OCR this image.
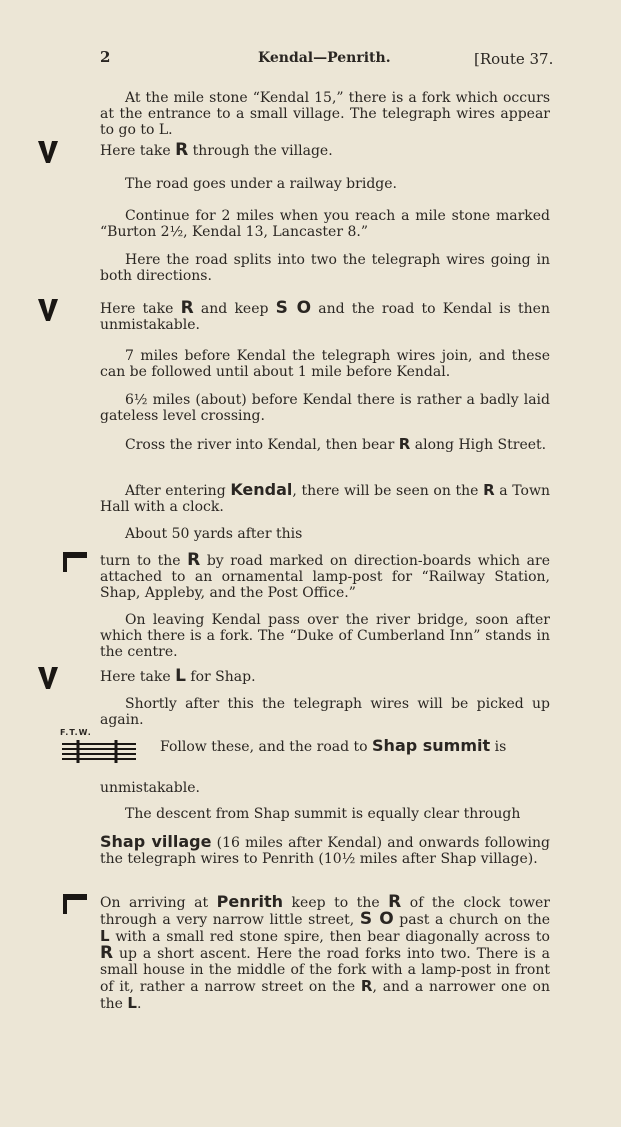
2	Kendal—Penrith.	[Route 37.

At the mile stone “Kendal 15,” there is a fork which occurs at the entrance to a small village. The telegraph wires appear to go to L.

Here take R through the village.

The road goes under a railway bridge.

Continue for 2 miles when you reach a mile stone marked “Burton 2½, Kendal 13, Lancaster 8.”

Here the road splits into two the telegraph wires going in both directions.

Here take R and keep S O and the road to Kendal is then unmistakable.

7 miles before Kendal the telegraph wires join, and these can be followed until about 1 mile before Kendal.

6½ miles (about) before Kendal there is rather a badly laid gateless level crossing.

Cross the river into Kendal, then bear R along High Street.

After entering Kendal, there will be seen on the R a Town Hall with a clock.

About 50 yards after this

turn to the R by road marked on direction-boards which are attached to an ornamental lamp-post for “Railway Station, Shap, Appleby, and the Post Office.”

On leaving Kendal pass over the river bridge, soon after which there is a fork. The “Duke of Cumberland Inn” stands in the centre.

Here take L for Shap.

Shortly after this the telegraph wires will be picked up again.

F.T.W.

Follow these, and the road to Shap summit is

unmistakable.

The descent from Shap summit is equally clear through

Shap village (16 miles after Kendal) and onwards following the telegraph wires to Penrith (10½ miles after Shap village).

On arriving at Penrith keep to the R of the clock tower through a very narrow little street, S O past a church on the L with a small red stone spire, then bear diagonally across to R up a short ascent. Here the road forks into two. There is a small house in the middle of the fork with a lamp-post in front of it, rather a narrow street on the R, and a narrower one on the L.
